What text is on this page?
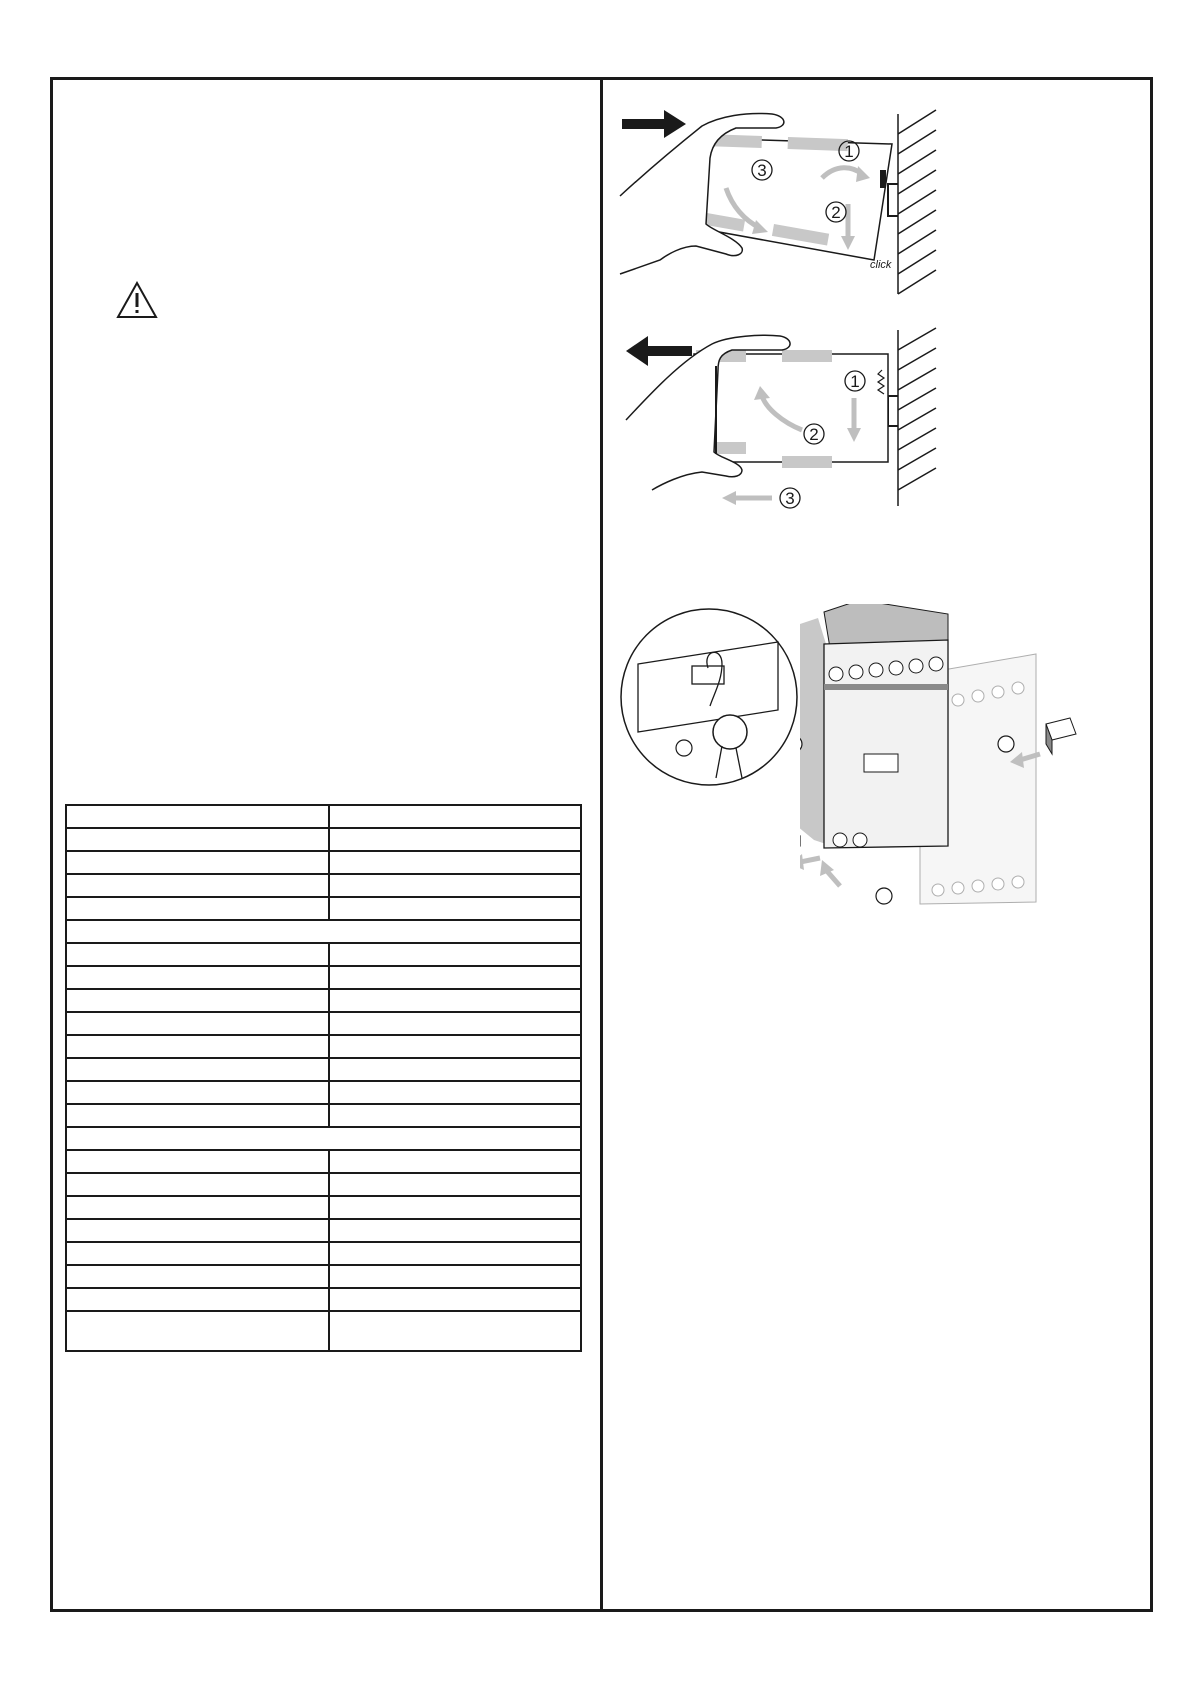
1
2
3
click
1
2
3
